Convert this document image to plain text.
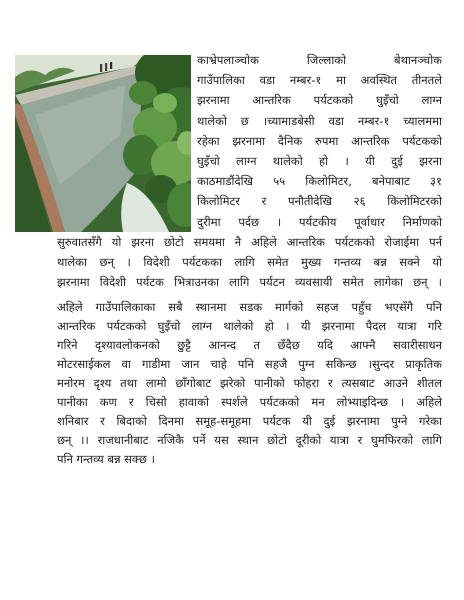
काभ्रेपलाञ्चोक जिल्लाको बेथानञ्चोक
गाउँपालिका वडा नम्बर-१ मा अवस्थित तीनतले
झरनामा आन्तरिक पर्यटकको घुइँचो लाग्न
थालेको छ ।च्यामाडबेसी वडा नम्बर-१ च्यालममा
रहेका झरनामा दैनिक रुपमा आन्तरिक पर्यटकको
घुइँचो लाग्न थालेको हो । यी दुई झरना
काठमाडौंदेखि ५५ किलोमिटर, बनेपाबाट ३१
किलोमिटर र पनौतीदेखि २६ किलोमिटरको
दुरीमा पर्दछ । पर्यटकीय पूर्वाधार निर्माणको
सुरुवातसँगै यो झरना छोटो समयमा नै अहिले आन्तरिक पर्यटकको रोजाईमा पर्न
थालेका छन् । विदेशी पर्यटकका लागि समेत मुख्य गन्तव्य बन्न सक्ने यो
झरनामा विदेशी पर्यटक भित्राउनका लागि पर्यटन व्यवसायी समेत लागेका छन् ।
अहिले गाउँपालिकाका सबै स्थानमा सडक मार्गको सहज पहुँच भएसँगै पनि
आन्तरिक पर्यटकको घुइँचो लाग्न थालेको हो । यी झरनामा पैदल यात्रा गरि
गरिने दृश्यावलोकनको छुट्टै आनन्द त छँदैछ यदि आफ्नै सवारीसाधन
मोटरसाईकल वा गाडीमा जान चाहे पनि सहजै पुग्न सकिन्छ ।सुन्दर प्राकृतिक
मनोरम दृश्य तथा लामो छाँगोबाट झरेको पानीको फोहरा र त्यसबाट आउने शीतल
पानीका कण र चिसो हावाको स्पर्शले पर्यटकको मन लोभ्याइदिन्छ । अहिले
शनिबार र बिदाको दिनमा समूह-समूहमा पर्यटक यी दुई झरनामा पुग्ने गरेका
छन् ।। राजधानीबाट नजिकै पर्ने यस स्थान छोटो दूरीको यात्रा र घुमफिरको लागि
पनि गन्तव्य बन्न सक्छ ।
